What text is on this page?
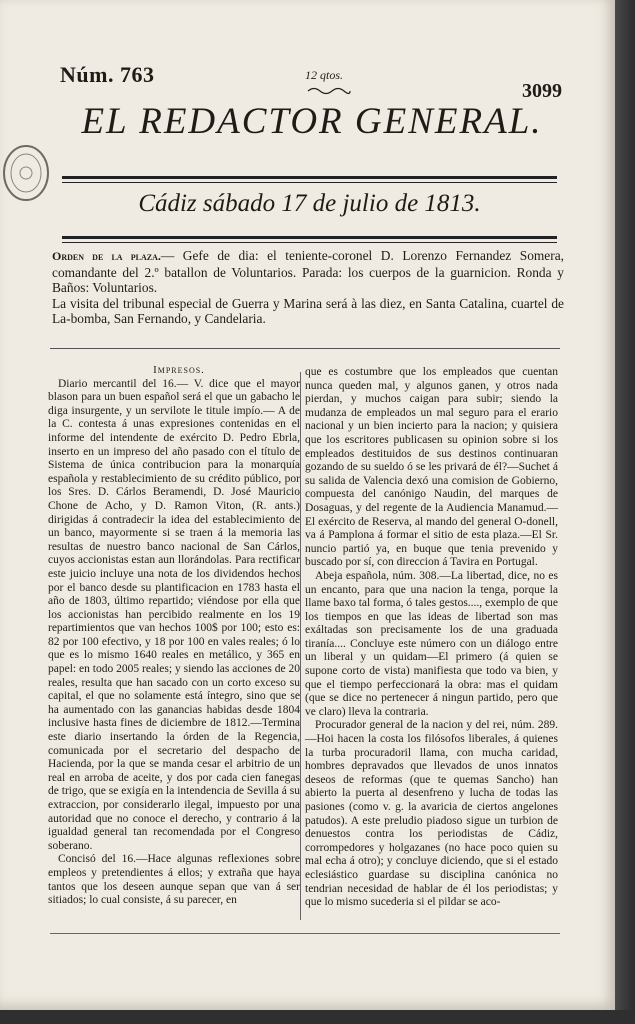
Núm. 763	12 qtos.
3099
EL REDACTOR GENERAL.
Cádiz sábado 17 de julio de 1813.

Orden de la plaza.— Gefe de dia: el teniente-coronel D. Lorenzo Fernandez Somera, comandante del 2.º batallon de Voluntarios. Parada: los cuerpos de la guarnicion. Ronda y Baños: Voluntarios.

La visita del tribunal especial de Guerra y Marina será à las diez, en Santa Catalina, cuartel de La-bomba, San Fernando, y Candelaria.

Impresos.

Diario mercantil del 16.— V. dice que el mayor blason para un buen español será el que un gabacho le diga insurgente, y un servilote le titule impío.— A de la C. contesta á unas expresiones contenidas en el informe del intendente de exército D. Pedro Ebrla, inserto en un impreso del año pasado con el título de Sistema de única contribucion para la monarquía española y restablecimiento de su crédito público, por los Sres. D. Cárlos Beramendi, D. José Mauricio Chone de Acho, y D. Ramon Viton, (R. ants.) dirigidas á contradecir la idea del establecimiento de un banco, mayormente si se traen á la memoria las resultas de nuestro banco nacional de San Cárlos, cuyos accionistas estan aun llorándolas. Para rectificar este juicio incluye una nota de los dividendos hechos por el banco desde su plantificacion en 1783 hasta el año de 1803, último repartido; viéndose por ella que los accionistas han percibido realmente en los 19 repartimientos que van hechos 100$ por 100; esto es: 82 por 100 efectivo, y 18 por 100 en vales reales; ó lo que es lo mismo 1640 reales en metálico, y 365 en papel: en todo 2005 reales; y siendo las acciones de 20 reales, resulta que han sacado con un corto exceso su capital, el que no solamente está íntegro, sino que se ha aumentado con las ganancias habidas desde 1804 inclusive hasta fines de diciembre de 1812.—Termina este diario insertando la órden de la Regencia, comunicada por el secretario del despacho de Hacienda, por la que se manda cesar el arbitrio de un real en arroba de aceite, y dos por cada cien fanegas de trigo, que se exigía en la intendencia de Sevilla á su extraccion, por considerarlo ilegal, impuesto por una autoridad que no conoce el derecho, y contrario á la igualdad general tan recomendada por el Congreso soberano.

Concisó del 16.—Hace algunas reflexiones sobre empleos y pretendientes á ellos; y extraña que haya tantos que los deseen aunque sepan que van á ser sitiados; lo cual consiste, á su parecer, en

que es costumbre que los empleados que cuentan nunca queden mal, y algunos ganen, y otros nada pierdan, y muchos caigan para subir; siendo la mudanza de empleados un mal seguro para el erario nacional y un bien incierto para la nacion; y quisiera que los escritores publicasen su opinion sobre si los empleados destituidos de sus destinos continuaran gozando de su sueldo ó se les privará de él?—Suchet á su salida de Valencia dexó una comision de Gobierno, compuesta del canónigo Naudin, del marques de Dosaguas, y del regente de la Audiencia Manamud.—El exército de Reserva, al mando del general O-donell, va á Pamplona á formar el sitio de esta plaza.—El Sr. nuncio partió ya, en buque que tenia prevenido y buscado por sí, con direccion á Tavira en Portugal.

Abeja española, núm. 308.—La libertad, dice, no es un encanto, para que una nacion la tenga, porque la llame baxo tal forma, ó tales gestos...., exemplo de que los tiempos en que las ideas de libertad son mas exáltadas son precisamente los de una graduada tiranía.... Concluye este número con un diálogo entre un liberal y un quidam—El primero (á quien se supone corto de vista) manifiesta que todo va bien, y que el tiempo perfeccionará la obra: mas el quidam (que se dice no pertenecer á ningun partido, pero que ve claro) lleva la contraria.

Procurador general de la nacion y del rei, núm. 289.—Hoi hacen la costa los filósofos liberales, á quienes la turba procuradoril llama, con mucha caridad, hombres depravados que llevados de unos innatos deseos de reformas (que te quemas Sancho) han abierto la puerta al desenfreno y lucha de todas las pasiones (como v. g. la avaricia de ciertos angelones patudos). A este preludio piadoso sigue un turbion de denuestos contra los periodistas de Cádiz, corrompedores y holgazanes (no hace poco quien su mal echa á otro); y concluye diciendo, que si el estado eclesiástico guardase su disciplina canónica no tendrian necesidad de hablar de él los periodistas; y que lo mismo sucederia si el pildar se aco-
